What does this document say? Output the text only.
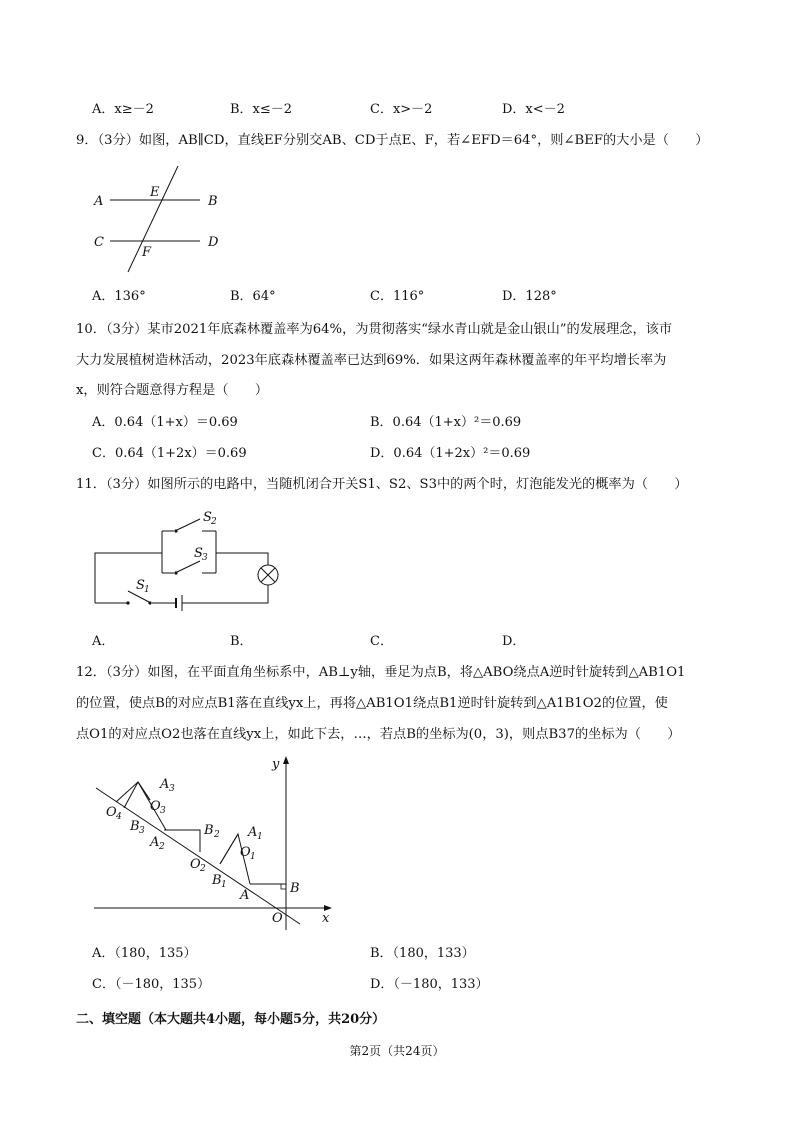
A．x≥－2	B．x≤－2	C．x>－2	D．x<－2
9．（3分）如图，AB∥CD，直线EF分别交AB、CD于点E、F，若∠EFD＝64°，则∠BEF的大小是（　　）
A
E
B
C
F
D
A．136°	B．64°	C．116°	D．128°
10．（3分）某市2021年底森林覆盖率为64%，为贯彻落实“绿水青山就是金山银山”的发展理念，该市
大力发展植树造林活动，2023年底森林覆盖率已达到69%．如果这两年森林覆盖率的年平均增长率为
x，则符合题意得方程是（　　）
A．0.64（1+x）＝0.69	B．0.64（1+x）²＝0.69
C．0.64（1+2x）＝0.69	D．0.64（1+2x）²＝0.69
11．（3分）如图所示的电路中，当随机闭合开关S1、S2、S3中的两个时，灯泡能发光的概率为（　　）
S 2
S 3
S 1
A．	B．	C．	D．
12．（3分）如图，在平面直角坐标系中，AB⊥y轴，垂足为点B，将△ABO绕点A逆时针旋转到△AB1O1
的位置，使点B的对应点B1落在直线yx上，再将△AB1O1绕点B1逆时针旋转到△A1B1O2的位置，使
点O1的对应点O2也落在直线yx上，如此下去，…，若点B的坐标为(0，3)，则点B37的坐标为（　　）
y
x
O
A	B
O 1
A 1
B 1
O 2
B 2
A 2
A 3
O 3
B 3
O 4
A．（180，135）	B．（180，133）
C．（－180，135）	D．（－180，133）
二、填空题（本大题共4小题，每小题5分，共20分）
第2页（共24页）
